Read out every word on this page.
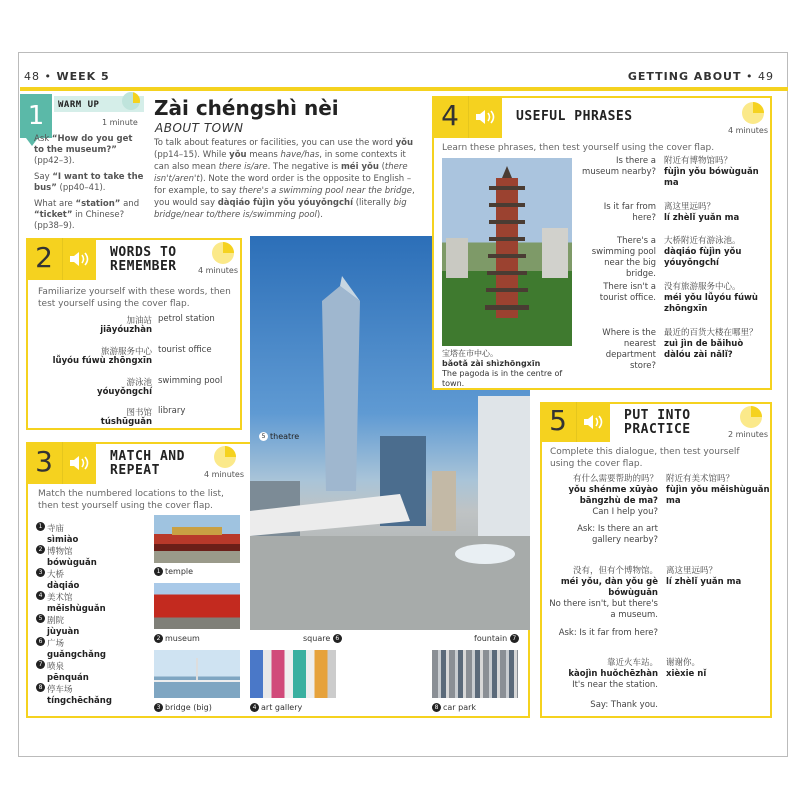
48 • WEEK 5	GETTING ABOUT • 49
1	WARM UP
1 minute

Ask “How do you get to the museum?” (pp42–3).

Say “I want to take the bus” (pp40–41).

What are “station” and “ticket” in Chinese? (pp38–9).

Zài chéngshì nèi
ABOUT TOWN
To talk about features or facilities, you can use the word yǒu (pp14–15). While yǒu means have/has, in some contexts it can also mean there is/are. The negative is méi yǒu (there isn't/aren't). Note the word order is the opposite to English – for example, to say there's a swimming pool near the bridge, you would say dàqiáo fùjìn yǒu yóuyǒngchí (literally big bridge/near to/there is/swimming pool).
2	WORDS TO
REMEMBER	4 minutes
Familiarize yourself with these words, then test yourself using the cover flap.
加油站
jiāyóuzhàn
petrol station
旅游服务中心
lǚyóu fúwù zhōngxīn
tourist office
游泳池
yóuyǒngchí
swimming pool
图书馆
túshūguǎn
library
3	MATCH AND
REPEAT	4 minutes
Match the numbered locations to the list, then test yourself using the cover flap.
1 寺庙
sìmiào
2 博物馆
bówùguǎn
3 大桥
dàqiáo
4 美术馆
měishùguǎn
5 剧院
jùyuàn
6 广场
guǎngchǎng
7 喷泉
pēnquán
8 停车场
tíngchēchǎng
1 temple
2 museum
3 bridge (big)	4 art gallery	8 car park
5 theatre
square 6	fountain 7
4	USEFUL PHRASES
4 minutes
Learn these phrases, then test yourself using the cover flap.
宝塔在市中心。
bǎotǎ zài shìzhōngxīn
The pagoda is in the centre of town.
Is there a museum nearby?
附近有博物馆吗？
fùjìn yǒu bówùguǎn ma
Is it far from here?
离这里远吗？
lí zhèlǐ yuǎn ma
There's a swimming pool near the big bridge.
大桥附近有游泳池。
dàqiáo fùjìn yǒu yóuyǒngchí
There isn't a tourist office.
没有旅游服务中心。
méi yǒu lǚyóu fúwù zhōngxīn
Where is the nearest department store?
最近的百货大楼在哪里？
zuì jìn de bǎihuò dàlóu zài nǎlǐ?
5	PUT INTO
PRACTICE	2 minutes
Complete this dialogue, then test yourself using the cover flap.
有什么需要帮助的吗？
yǒu shénme xūyào bāngzhù de ma?
Can I help you?
附近有美术馆吗？
fùjìn yǒu měishùguǎn ma
Ask: Is there an art gallery nearby?
没有，但有个博物馆。
méi yǒu, dàn yǒu gè bówùguǎn
No there isn't, but there's a museum.
离这里远吗？
lí zhèlǐ yuǎn ma
Ask: Is it far from here?
靠近火车站。
kàojìn huǒchēzhàn
It's near the station.
谢谢你。
xièxie nǐ
Say: Thank you.
